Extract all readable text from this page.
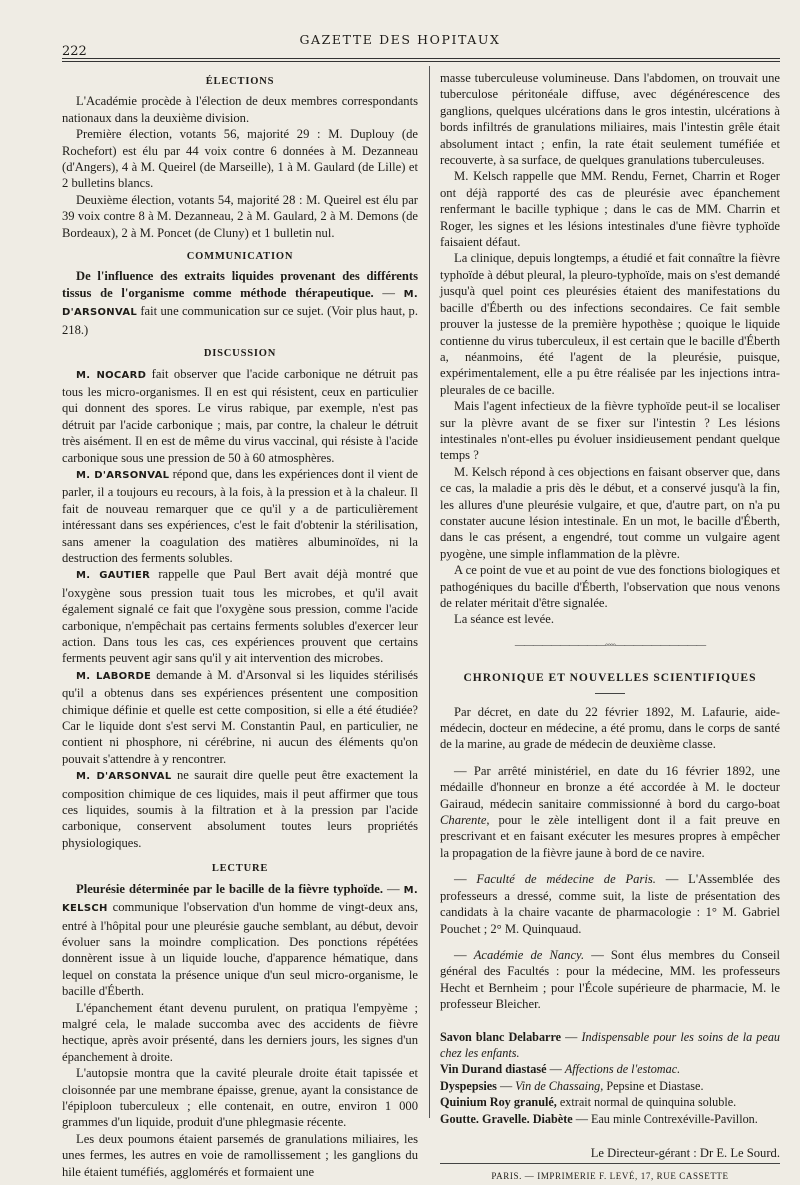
222
GAZETTE DES HOPITAUX
ÉLECTIONS

L'Académie procède à l'élection de deux membres correspondants nationaux dans la deuxième division.

Première élection, votants 56, majorité 29 : M. Duplouy (de Rochefort) est élu par 44 voix contre 6 données à M. Dezanneau (d'Angers), 4 à M. Queirel (de Marseille), 1 à M. Gaulard (de Lille) et 2 bulletins blancs.

Deuxième élection, votants 54, majorité 28 : M. Queirel est élu par 39 voix contre 8 à M. Dezanneau, 2 à M. Gaulard, 2 à M. Demons (de Bordeaux), 2 à M. Poncet (de Cluny) et 1 bulletin nul.

COMMUNICATION

De l'influence des extraits liquides provenant des différents tissus de l'organisme comme méthode thérapeutique. — M. D'ARSONVAL fait une communication sur ce sujet. (Voir plus haut, p. 218.)

DISCUSSION

M. NOCARD fait observer que l'acide carbonique ne détruit pas tous les micro-organismes. Il en est qui résistent, ceux en particulier qui donnent des spores. Le virus rabique, par exemple, n'est pas détruit par l'acide carbonique ; mais, par contre, la chaleur le détruit très aisément. Il en est de même du virus vaccinal, qui résiste à l'acide carbonique sous une pression de 50 à 60 atmosphères.

M. D'ARSONVAL répond que, dans les expériences dont il vient de parler, il a toujours eu recours, à la fois, à la pression et à la chaleur. Il fait de nouveau remarquer que ce qu'il y a de particulièrement intéressant dans ses expériences, c'est le fait d'obtenir la stérilisation, sans amener la coagulation des matières albuminoïdes, ni la destruction des ferments solubles.

M. GAUTIER rappelle que Paul Bert avait déjà montré que l'oxygène sous pression tuait tous les microbes, et qu'il avait également signalé ce fait que l'oxygène sous pression, comme l'acide carbonique, n'empêchait pas certains ferments solubles d'exercer leur action. Dans tous les cas, ces expériences prouvent que certains ferments peuvent agir sans qu'il y ait intervention des microbes.

M. LABORDE demande à M. d'Arsonval si les liquides stérilisés qu'il a obtenus dans ses expériences présentent une composition chimique définie et quelle est cette composition, si elle a été étudiée? Car le liquide dont s'est servi M. Constantin Paul, en particulier, ne contient ni phosphore, ni cérébrine, ni aucun des éléments qu'on pouvait s'attendre à y rencontrer.

M. D'ARSONVAL ne saurait dire quelle peut être exactement la composition chimique de ces liquides, mais il peut affirmer que tous ces liquides, soumis à la filtration et à la pression par l'acide carbonique, conservent absolument toutes leurs propriétés physiologiques.

LECTURE

Pleurésie déterminée par le bacille de la fièvre typhoïde. — M. KELSCH communique l'observation d'un homme de vingt-deux ans, entré à l'hôpital pour une pleurésie gauche semblant, au début, devoir évoluer sans la moindre complication. Des ponctions répétées donnèrent issue à un liquide louche, d'apparence hématique, dans lequel on constata la présence unique d'un seul micro-organisme, le bacille d'Éberth.

L'épanchement étant devenu purulent, on pratiqua l'empyème ; malgré cela, le malade succomba avec des accidents de fièvre hectique, après avoir présenté, dans les derniers jours, les signes d'un épanchement à droite.

L'autopsie montra que la cavité pleurale droite était tapissée et cloisonnée par une membrane épaisse, grenue, ayant la consistance de l'épiploon tuberculeux ; elle contenait, en outre, environ 1 000 grammes d'un liquide, produit d'une phlegmasie récente.

Les deux poumons étaient parsemés de granulations miliaires, les unes fermes, les autres en voie de ramollissement ; les ganglions du hile étaient tuméfiés, agglomérés et formaient une

masse tuberculeuse volumineuse. Dans l'abdomen, on trouvait une tuberculose péritonéale diffuse, avec dégénérescence des ganglions, quelques ulcérations dans le gros intestin, ulcérations à bords infiltrés de granulations miliaires, mais l'intestin grêle était absolument intact ; enfin, la rate était seulement tuméfiée et recouverte, à sa surface, de quelques granulations tuberculeuses.

M. Kelsch rappelle que MM. Rendu, Fernet, Charrin et Roger ont déjà rapporté des cas de pleurésie avec épanchement renfermant le bacille typhique ; dans le cas de MM. Charrin et Roger, les signes et les lésions intestinales d'une fièvre typhoïde faisaient défaut.

La clinique, depuis longtemps, a étudié et fait connaître la fièvre typhoïde à début pleural, la pleuro-typhoïde, mais on s'est demandé jusqu'à quel point ces pleurésies étaient des manifestations du bacille d'Éberth ou des infections secondaires. Ce fait semble prouver la justesse de la première hypothèse ; quoique le liquide contienne du virus tuberculeux, il est certain que le bacille d'Éberth a, néanmoins, été l'agent de la pleurésie, puisque, expérimentalement, elle a pu être réalisée par les injections intra-pleurales de ce bacille.

Mais l'agent infectieux de la fièvre typhoïde peut-il se localiser sur la plèvre avant de se fixer sur l'intestin ? Les lésions intestinales n'ont-elles pu évoluer insidieusement pendant quelque temps ?

M. Kelsch répond à ces objections en faisant observer que, dans ce cas, la maladie a pris dès le début, et a conservé jusqu'à la fin, les allures d'une pleurésie vulgaire, et que, d'autre part, on n'a pu constater aucune lésion intestinale. En un mot, le bacille d'Éberth, dans le cas présent, a engendré, tout comme un vulgaire agent pyogène, une simple inflammation de la plèvre.

A ce point de vue et au point de vue des fonctions biologiques et pathogéniques du bacille d'Éberth, l'observation que nous venons de relater méritait d'être signalée.

La séance est levée.

——————————◦◦◦◦——————————
CHRONIQUE ET NOUVELLES SCIENTIFIQUES

Par décret, en date du 22 février 1892, M. Lafaurie, aide-médecin, docteur en médecine, a été promu, dans le corps de santé de la marine, au grade de médecin de deuxième classe.

— Par arrêté ministériel, en date du 16 février 1892, une médaille d'honneur en bronze a été accordée à M. le docteur Gairaud, médecin sanitaire commissionné à bord du cargo-boat Charente, pour le zèle intelligent dont il a fait preuve en prescrivant et en faisant exécuter les mesures propres à empêcher la propagation de la fièvre jaune à bord de ce navire.

— Faculté de médecine de Paris. — L'Assemblée des professeurs a dressé, comme suit, la liste de présentation des candidats à la chaire vacante de pharmacologie : 1° M. Gabriel Pouchet ; 2° M. Quinquaud.

— Académie de Nancy. — Sont élus membres du Conseil général des Facultés : pour la médecine, MM. les professeurs Hecht et Bernheim ; pour l'École supérieure de pharmacie, M. le professeur Bleicher.

Savon blanc Delabarre — Indispensable pour les soins de la peau chez les enfants.

Vin Durand diastasé — Affections de l'estomac.

Dyspepsies — Vin de Chassaing, Pepsine et Diastase.

Quinium Roy granulé, extrait normal de quinquina soluble.

Goutte. Gravelle. Diabète — Eau minle Contrexéville-Pavillon.

Le Directeur-gérant : Dr E. Le Sourd.

PARIS. — IMPRIMERIE F. LEVÉ, 17, RUE CASSETTE
